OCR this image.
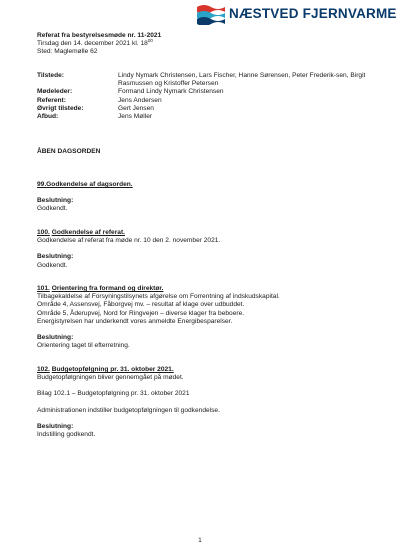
NÆSTVED FJERNVARME
Referat fra bestyrelsesmøde nr. 11-2021
Tirsdag den 14. december 2021 kl. $18^{00}$
Sted: Maglemølle 62
Tilstede:	Lindy Nymark Christensen, Lars Fischer, Hanne Sørensen, Peter Frederik-sen, Birgit Rasmussen og Kristoffer Petersen
Mødeleder:	Formand Lindy Nymark Christensen
Referent:	Jens Andersen
Øvrigt tilstede:	Gert Jensen
Afbud:	Jens Møller
ÅBEN DAGSORDEN
99.Godkendelse af dagsorden.
Beslutning:
Godkendt.
100. Godkendelse af referat.
Godkendelse af referat fra møde nr. 10 den 2. november 2021.
Beslutning:
Godkendt.
101. Orientering fra formand og direktør.
Tilbagekaldelse af Forsyningstilsynets afgørelse om Forrentning af indskudskapital.
Område 4, Assensvej, Fåborgvej mv. – resultat af klage over udbuddet.
Område 5, Åderupvej, Nord for Ringvejen – diverse klager fra beboere.
Energistyrelsen har underkendt vores anmeldte Energibesparelser.
Beslutning:
Orientering taget til efterretning.
102. Budgetopfølgning pr. 31. oktober 2021.
Budgetopfølgningen bliver gennemgået på mødet.
Bilag 102.1 – Budgetopfølgning pr. 31. oktober 2021
Administrationen indstiller budgetopfølgningen til godkendelse.
Beslutning:
Indstilling godkendt.
1
